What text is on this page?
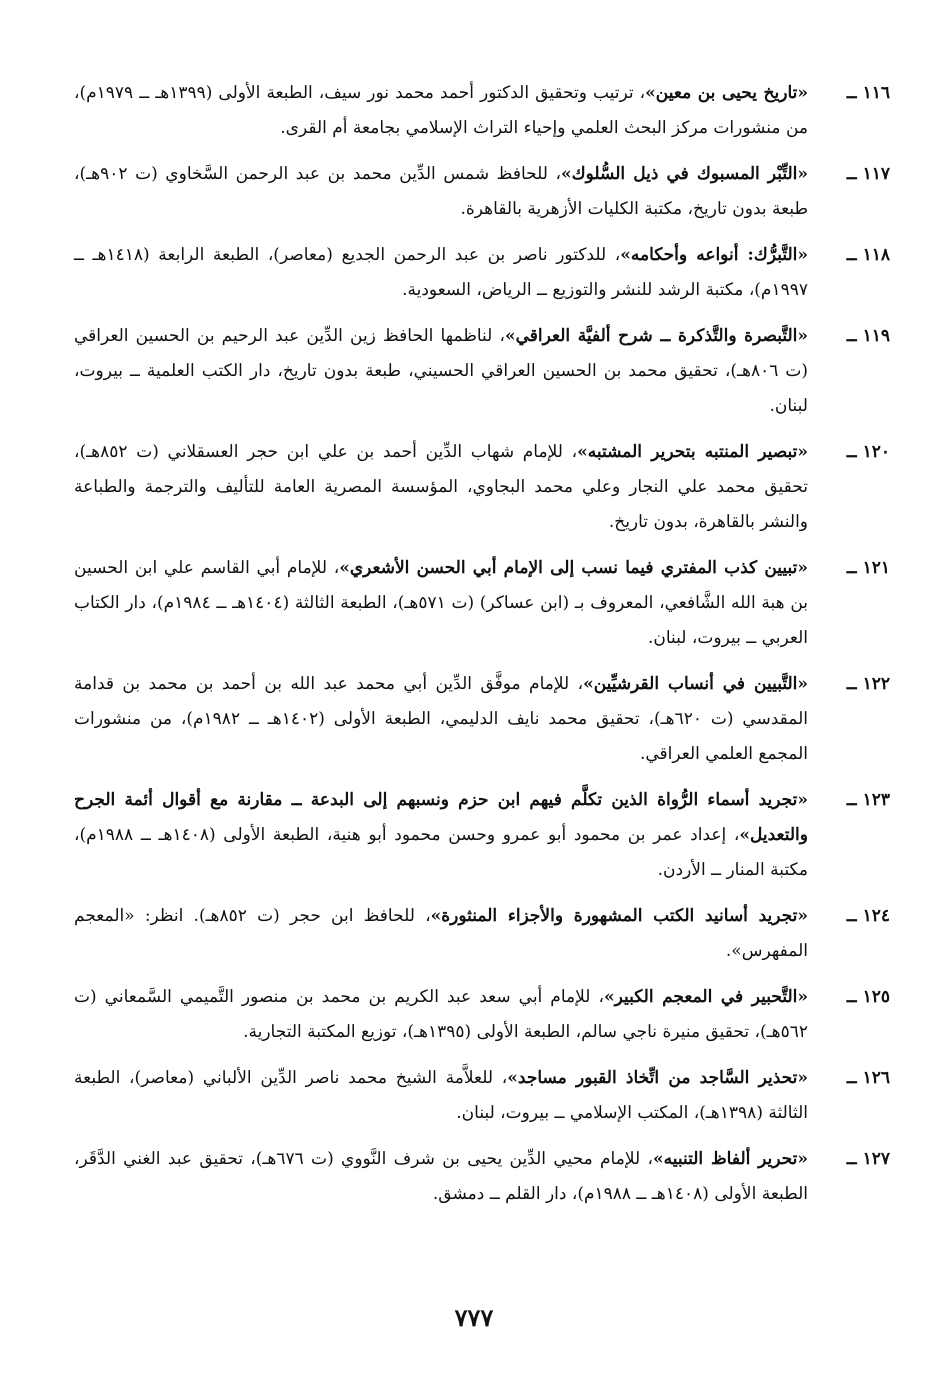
١١٦ ــ
«تاريخ يحيى بن معين»، ترتيب وتحقيق الدكتور أحمد محمد نور سيف، الطبعة الأولى (١٣٩٩هـ ــ ١٩٧٩م)، من منشورات مركز البحث العلمي وإحياء التراث الإسلامي بجامعة أم القرى.
١١٧ ــ
«التِّبْر المسبوك في ذيل السُّلوك»، للحافظ شمس الدِّين محمد بن عبد الرحمن السَّخاوي (ت ٩٠٢هـ)، طبعة بدون تاريخ، مكتبة الكليات الأزهرية بالقاهرة.
١١٨ ــ
«التَّبرُّك: أنواعه وأحكامه»، للدكتور ناصر بن عبد الرحمن الجديع (معاصر)، الطبعة الرابعة (١٤١٨هـ ــ ١٩٩٧م)، مكتبة الرشد للنشر والتوزيع ــ الرياض، السعودية.
١١٩ ــ
«التَّبصرة والتَّذكرة ــ شرح ألفيَّة العراقي»، لناظمها الحافظ زين الدِّين عبد الرحيم بن الحسين العراقي (ت ٨٠٦هـ)، تحقيق محمد بن الحسين العراقي الحسيني، طبعة بدون تاريخ، دار الكتب العلمية ــ بيروت، لبنان.
١٢٠ ــ
«تبصير المنتبه بتحرير المشتبه»، للإمام شهاب الدِّين أحمد بن علي ابن حجر العسقلاني (ت ٨٥٢هـ)، تحقيق محمد علي النجار وعلي محمد البجاوي، المؤسسة المصرية العامة للتأليف والترجمة والطباعة والنشر بالقاهرة، بدون تاريخ.
١٢١ ــ
«تبيين كذب المفتري فيما نسب إلى الإمام أبي الحسن الأشعري»، للإمام أبي القاسم علي ابن الحسين بن هبة الله الشَّافعي، المعروف بـ (ابن عساكر) (ت ٥٧١هـ)، الطبعة الثالثة (١٤٠٤هـ ــ ١٩٨٤م)، دار الكتاب العربي ــ بيروت، لبنان.
١٢٢ ــ
«التَّبيين في أنساب القرشيِّين»، للإمام موفَّق الدِّين أبي محمد عبد الله بن أحمد بن محمد بن قدامة المقدسي (ت ٦٢٠هـ)، تحقيق محمد نايف الدليمي، الطبعة الأولى (١٤٠٢هـ ــ ١٩٨٢م)، من منشورات المجمع العلمي العراقي.
١٢٣ ــ
«تجريد أسماء الرُّواة الذين تكلَّم فيهم ابن حزم ونسبهم إلى البدعة ــ مقارنة مع أقوال أئمة الجرح والتعديل»، إعداد عمر بن محمود أبو عمرو وحسن محمود أبو هنية، الطبعة الأولى (١٤٠٨هـ ــ ١٩٨٨م)، مكتبة المنار ــ الأردن.
١٢٤ ــ
«تجريد أسانيد الكتب المشهورة والأجزاء المنثورة»، للحافظ ابن حجر (ت ٨٥٢هـ). انظر: «المعجم المفهرس».
١٢٥ ــ
«التَّحبير في المعجم الكبير»، للإمام أبي سعد عبد الكريم بن محمد بن منصور التَّميمي السَّمعاني (ت ٥٦٢هـ)، تحقيق منيرة ناجي سالم، الطبعة الأولى (١٣٩٥هـ)، توزيع المكتبة التجارية.
١٢٦ ــ
«تحذير السَّاجد من اتِّخاذ القبور مساجد»، للعلاَّمة الشيخ محمد ناصر الدِّين الألباني (معاصر)، الطبعة الثالثة (١٣٩٨هـ)، المكتب الإسلامي ــ بيروت، لبنان.
١٢٧ ــ
«تحرير ألفاظ التنبيه»، للإمام محيي الدِّين يحيى بن شرف النَّووي (ت ٦٧٦هـ)، تحقيق عبد الغني الدَّقَر، الطبعة الأولى (١٤٠٨هـ ــ ١٩٨٨م)، دار القلم ــ دمشق.
٧٧٧
